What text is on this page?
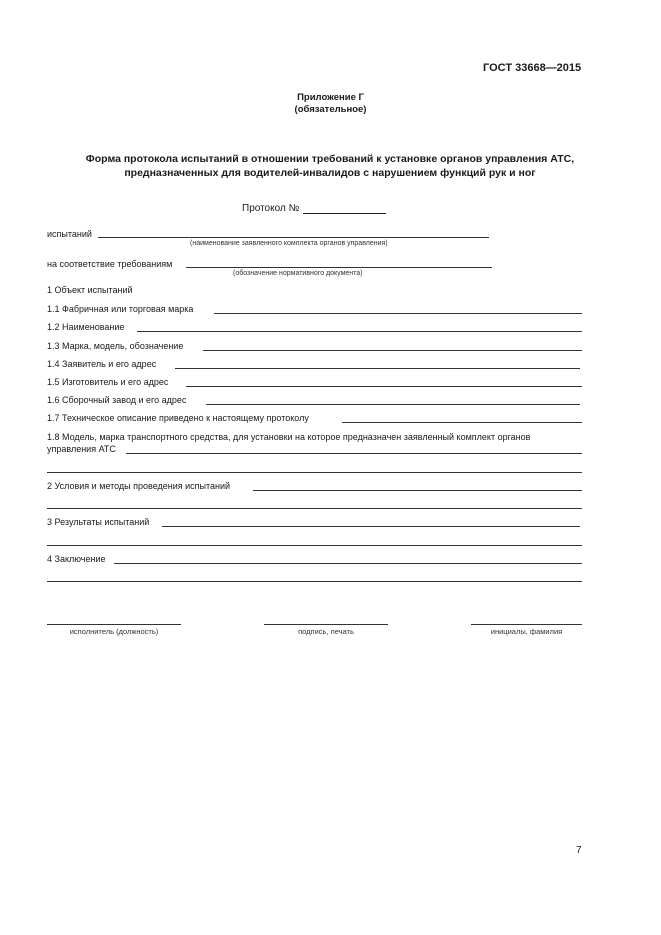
ГОСТ 33668—2015
Приложение Г
(обязательное)
Форма протокола испытаний в отношении требований к установке органов управления АТС,
предназначенных для водителей-инвалидов с нарушением функций рук и ног
Протокол №
испытаний
(наименование заявленного комплекта органов управления)
на соответствие требованиям
(обозначение нормативного документа)
1 Объект испытаний
1.1 Фабричная или торговая марка
1.2 Наименование
1.3 Марка, модель, обозначение
1.4 Заявитель и его адрес
1.5 Изготовитель и его адрес
1.6 Сборочный завод и его адрес
1.7 Техническое описание приведено к настоящему протоколу
1.8 Модель, марка транспортного средства, для установки на которое предназначен заявленный комплект органов
управления АТС
2 Условия и методы проведения испытаний
3 Результаты испытаний
4 Заключение
исполнитель (должность)	подпись, печать	инициалы, фамилия
7
